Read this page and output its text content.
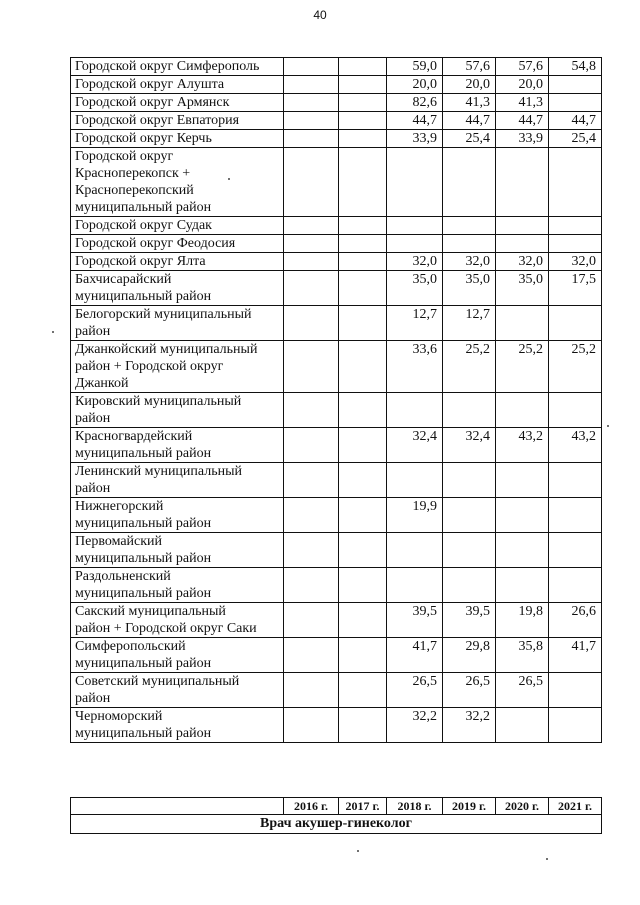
40
Городской округ Симферополь			59,0	57,6	57,6	54,8

Городской округ Алушта			20,0	20,0	20,0	

Городской округ Армянск			82,6	41,3	41,3	

Городской округ Евпатория			44,7	44,7	44,7	44,7

Городской округ Керчь			33,9	25,4	33,9	25,4

Городской округ
Красноперекопск +
Красноперекопский
муниципальный район						

Городской округ Судак						

Городской округ Феодосия						

Городской округ Ялта			32,0	32,0	32,0	32,0

Бахчисарайский
муниципальный район			35,0	35,0	35,0	17,5

Белогорский муниципальный
район			12,7	12,7		

Джанкойский муниципальный
район + Городской округ
Джанкой			33,6	25,2	25,2	25,2

Кировский муниципальный
район						

Красногвардейский
муниципальный район			32,4	32,4	43,2	43,2

Ленинский муниципальный
район						

Нижнегорский
муниципальный район			19,9			

Первомайский
муниципальный район						

Раздольненский
муниципальный район						

Сакский муниципальный
район + Городской округ Саки			39,5	39,5	19,8	26,6

Симферопольский
муниципальный район			41,7	29,8	35,8	41,7

Советский муниципальный
район			26,5	26,5	26,5	

Черноморский
муниципальный район			32,2	32,2		
	2016 г.	2017 г.	2018 г.	2019 г.	2020 г.	2021 г.
Врач акушер-гинеколог
